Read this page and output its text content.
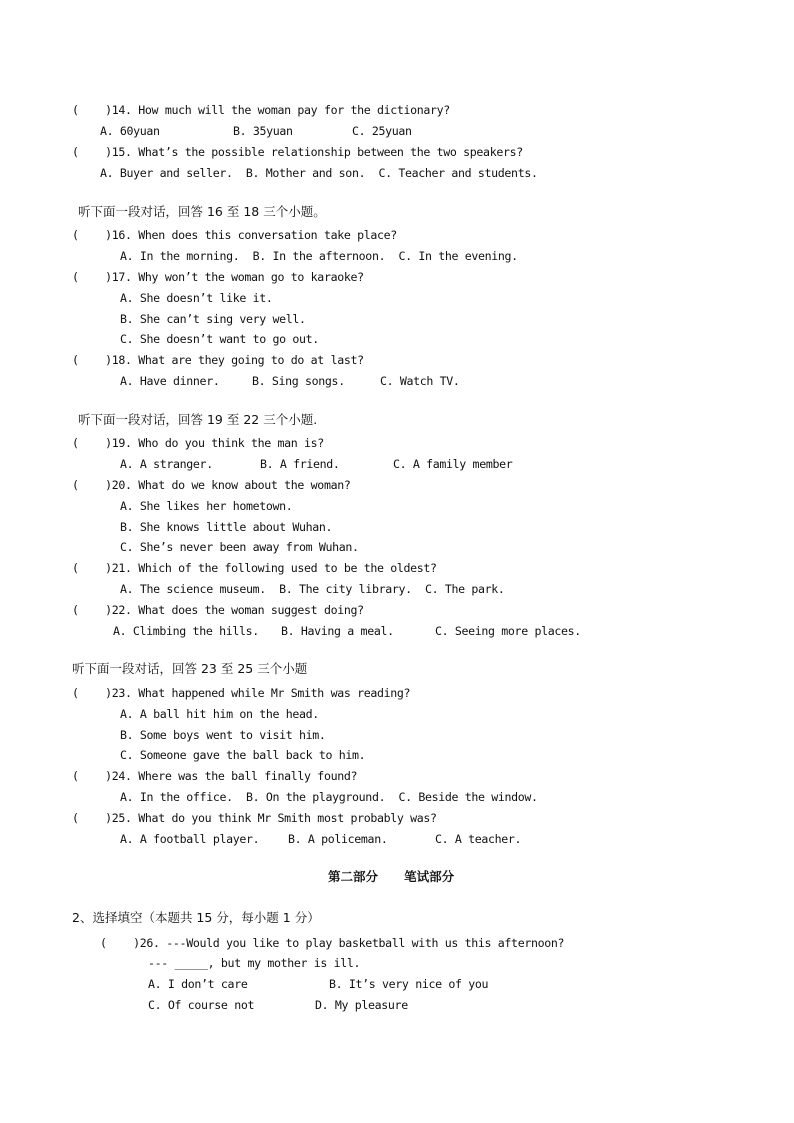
(    )14. How much will the woman pay for the dictionary?
A. 60yuan	B. 35yuan	C. 25yuan
(    )15. What’s the possible relationship between the two speakers?
A. Buyer and seller.  B. Mother and son.  C. Teacher and students.
听下面一段对话，回答 16 至 18 三个小题。
(    )16. When does this conversation take place?
A. In the morning.  B. In the afternoon.  C. In the evening.
(    )17. Why won’t the woman go to karaoke?
A. She doesn’t like it.
B. She can’t sing very well.
C. She doesn’t want to go out.
(    )18. What are they going to do at last?
A. Have dinner.	B. Sing songs.	C. Watch TV.
听下面一段对话，回答 19 至 22 三个小题.
(    )19. Who do you think the man is?
A. A stranger.	B. A friend.	C. A family member
(    )20. What do we know about the woman?
A. She likes her hometown.
B. She knows little about Wuhan.
C. She’s never been away from Wuhan.
(    )21. Which of the following used to be the oldest?
A. The science museum.  B. The city library.  C. The park.
(    )22. What does the woman suggest doing?
A. Climbing the hills. B. Having a meal.	C. Seeing more places.
听下面一段对话，回答 23 至 25 三个小题
(    )23. What happened while Mr Smith was reading?
A. A ball hit him on the head.
B. Some boys went to visit him.
C. Someone gave the ball back to him.
(    )24. Where was the ball finally found?
A. In the office.  B. On the playground.  C. Beside the window.
(    )25. What do you think Mr Smith most probably was?
A. A football player. B. A policeman.	C. A teacher.
第二部分      笔试部分
2、选择填空（本题共 15 分，每小题 1 分）
(    )26. ---Would you like to play basketball with us this afternoon?
--- _____, but my mother is ill.
A. I don’t care	B. It’s very nice of you
C. Of course not	D. My pleasure
